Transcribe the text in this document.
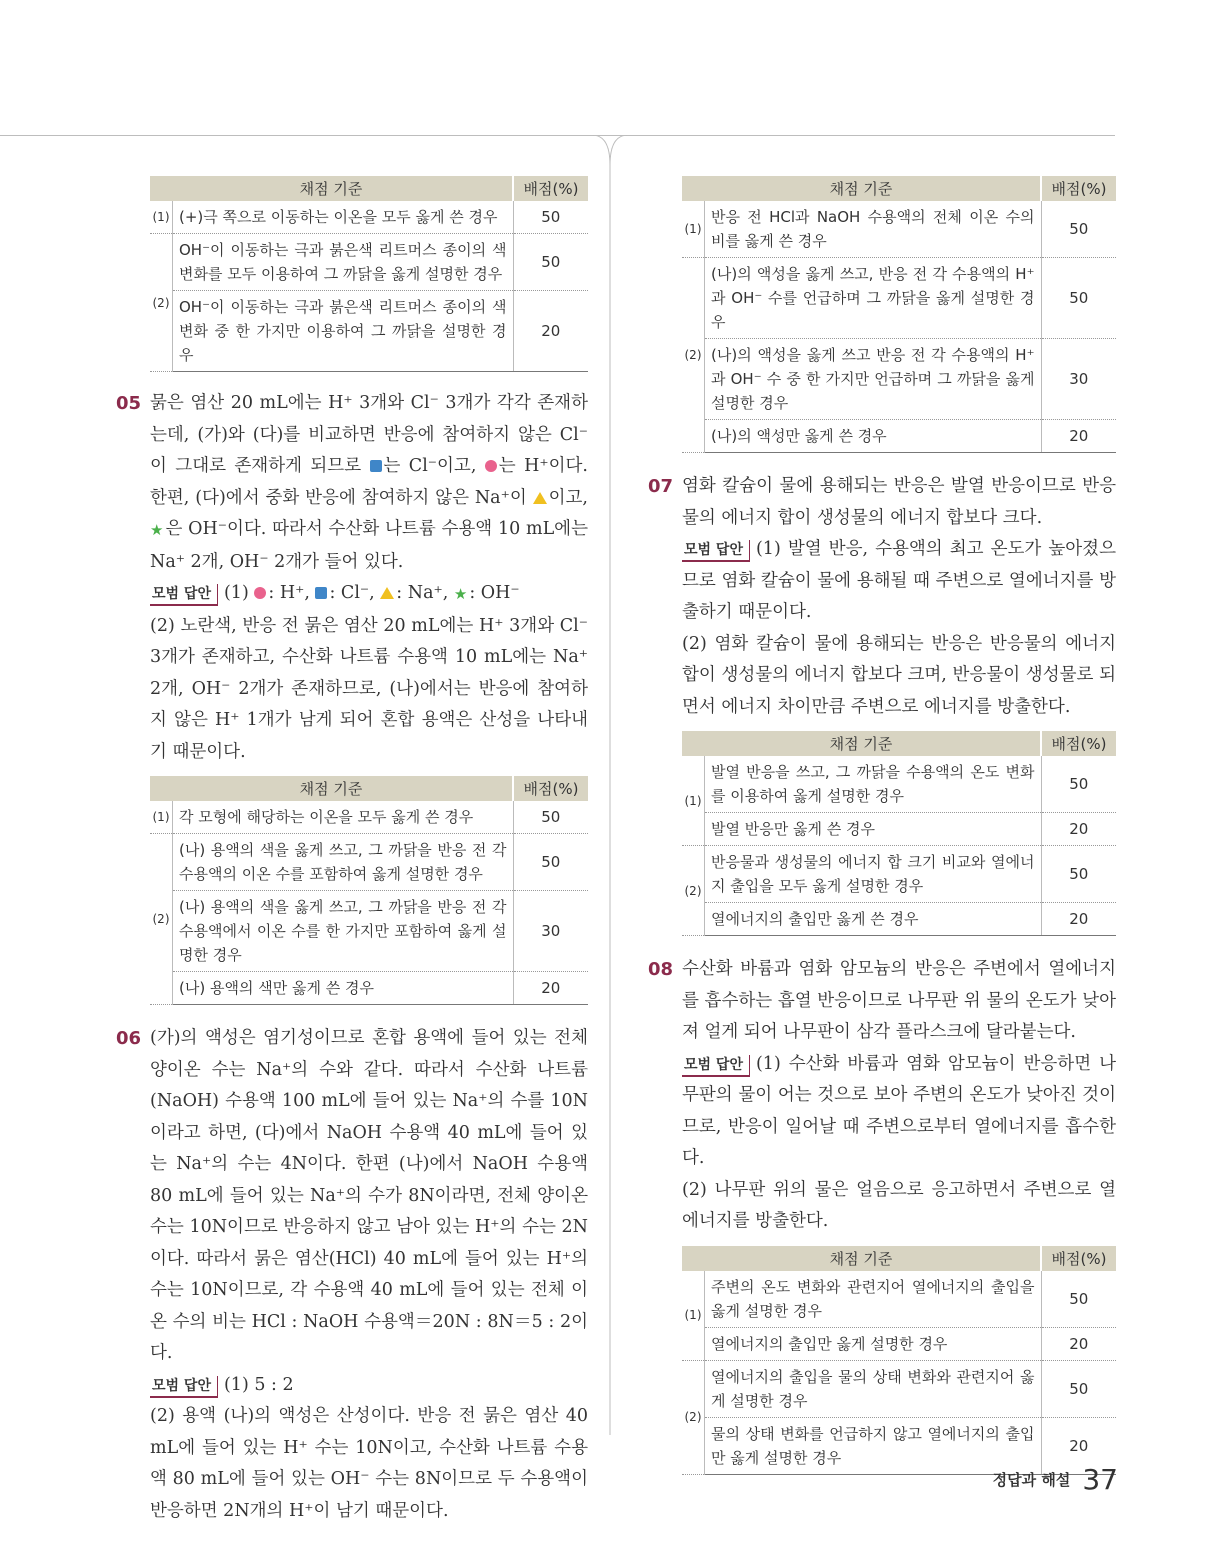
채점 기준		배점(%)
(1)	(+)극 쪽으로 이동하는 이온을 모두 옳게 쓴 경우	50
(2)	OH⁻이 이동하는 극과 붉은색 리트머스 종이의 색 변화를 모두 이용하여 그 까닭을 옳게 설명한 경우	50
	OH⁻이 이동하는 극과 붉은색 리트머스 종이의 색 변화 중 한 가지만 이용하여 그 까닭을 설명한 경우	20
05 묽은 염산 20 mL에는 H⁺ 3개와 Cl⁻ 3개가 각각 존재하는데, (가)와 (다)를 비교하면 반응에 참여하지 않은 Cl⁻이 그대로 존재하게 되므로 는 Cl⁻이고, 는 H⁺이다. 한편, (다)에서 중화 반응에 참여하지 않은 Na⁺이 이고, ★ 은 OH⁻이다. 따라서 수산화 나트륨 수용액 10 mL에는 Na⁺ 2개, OH⁻ 2개가 들어 있다.
모범 답안 (1) : H⁺, : Cl⁻, : Na⁺, ★ : OH⁻
(2) 노란색, 반응 전 묽은 염산 20 mL에는 H⁺ 3개와 Cl⁻ 3개가 존재하고, 수산화 나트륨 수용액 10 mL에는 Na⁺ 2개, OH⁻ 2개가 존재하므로, (나)에서는 반응에 참여하지 않은 H⁺ 1개가 남게 되어 혼합 용액은 산성을 나타내기 때문이다.
채점 기준		배점(%)
(1)	각 모형에 해당하는 이온을 모두 옳게 쓴 경우	50
(2)	(나) 용액의 색을 옳게 쓰고, 그 까닭을 반응 전 각 수용액의 이온 수를 포함하여 옳게 설명한 경우	50
	(나) 용액의 색을 옳게 쓰고, 그 까닭을 반응 전 각 수용액에서 이온 수를 한 가지만 포함하여 옳게 설명한 경우	30
	(나) 용액의 색만 옳게 쓴 경우	20
06 (가)의 액성은 염기성이므로 혼합 용액에 들어 있는 전체 양이온 수는 Na⁺의 수와 같다. 따라서 수산화 나트륨(NaOH) 수용액 100 mL에 들어 있는 Na⁺의 수를 10N이라고 하면, (다)에서 NaOH 수용액 40 mL에 들어 있는 Na⁺의 수는 4N이다. 한편 (나)에서 NaOH 수용액 80 mL에 들어 있는 Na⁺의 수가 8N이라면, 전체 양이온 수는 10N이므로 반응하지 않고 남아 있는 H⁺의 수는 2N이다. 따라서 묽은 염산(HCl) 40 mL에 들어 있는 H⁺의 수는 10N이므로, 각 수용액 40 mL에 들어 있는 전체 이온 수의 비는 HCl : NaOH 수용액＝20N : 8N＝5 : 2이다.
모범 답안 (1) 5 : 2
(2) 용액 (나)의 액성은 산성이다. 반응 전 묽은 염산 40 mL에 들어 있는 H⁺ 수는 10N이고, 수산화 나트륨 수용액 80 mL에 들어 있는 OH⁻ 수는 8N이므로 두 수용액이 반응하면 2N개의 H⁺이 남기 때문이다.
채점 기준		배점(%)
(1)	반응 전 HCl과 NaOH 수용액의 전체 이온 수의 비를 옳게 쓴 경우	50
(2)	(나)의 액성을 옳게 쓰고, 반응 전 각 수용액의 H⁺과 OH⁻ 수를 언급하며 그 까닭을 옳게 설명한 경우	50
	(나)의 액성을 옳게 쓰고 반응 전 각 수용액의 H⁺과 OH⁻ 수 중 한 가지만 언급하며 그 까닭을 옳게 설명한 경우	30
	(나)의 액성만 옳게 쓴 경우	20
07 염화 칼슘이 물에 용해되는 반응은 발열 반응이므로 반응물의 에너지 합이 생성물의 에너지 합보다 크다.
모범 답안 (1) 발열 반응, 수용액의 최고 온도가 높아졌으므로 염화 칼슘이 물에 용해될 때 주변으로 열에너지를 방출하기 때문이다.
(2) 염화 칼슘이 물에 용해되는 반응은 반응물의 에너지 합이 생성물의 에너지 합보다 크며, 반응물이 생성물로 되면서 에너지 차이만큼 주변으로 에너지를 방출한다.
채점 기준		배점(%)
(1)	발열 반응을 쓰고, 그 까닭을 수용액의 온도 변화를 이용하여 옳게 설명한 경우	50
	발열 반응만 옳게 쓴 경우	20
(2)	반응물과 생성물의 에너지 합 크기 비교와 열에너지 출입을 모두 옳게 설명한 경우	50
	열에너지의 출입만 옳게 쓴 경우	20
08 수산화 바륨과 염화 암모늄의 반응은 주변에서 열에너지를 흡수하는 흡열 반응이므로 나무판 위 물의 온도가 낮아져 얼게 되어 나무판이 삼각 플라스크에 달라붙는다.
모범 답안 (1) 수산화 바륨과 염화 암모늄이 반응하면 나무판의 물이 어는 것으로 보아 주변의 온도가 낮아진 것이므로, 반응이 일어날 때 주변으로부터 열에너지를 흡수한다.
(2) 나무판 위의 물은 얼음으로 응고하면서 주변으로 열에너지를 방출한다.
채점 기준		배점(%)
(1)	주변의 온도 변화와 관련지어 열에너지의 출입을 옳게 설명한 경우	50
	열에너지의 출입만 옳게 설명한 경우	20
(2)	열에너지의 출입을 물의 상태 변화와 관련지어 옳게 설명한 경우	50
	물의 상태 변화를 언급하지 않고 열에너지의 출입만 옳게 설명한 경우	20
정답과 해설 37
